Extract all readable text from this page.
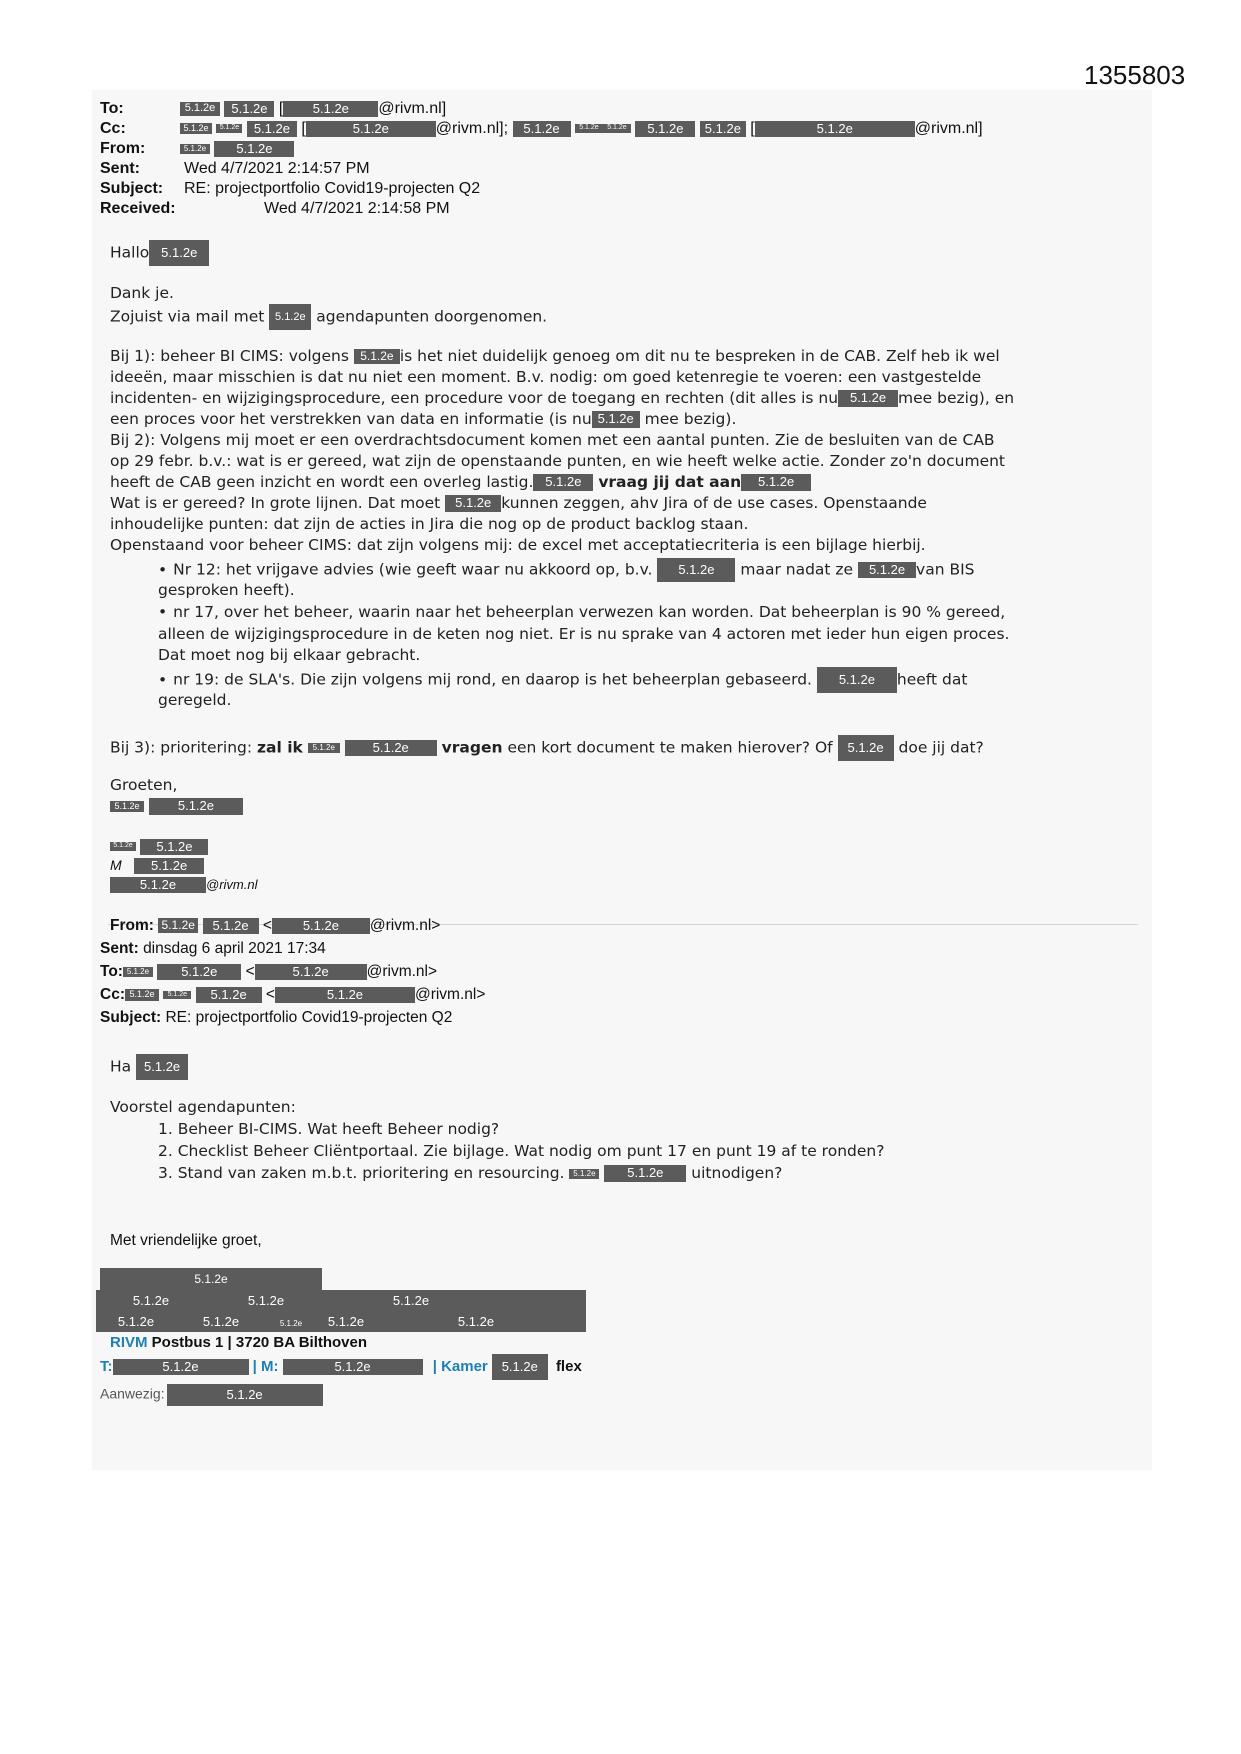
1355803
To:	5.1.2e 5.1.2e [ 5.1.2e @rivm.nl]
Cc:	5.1.2e 5.1.2e 5.1.2e [	5.1.2e	@rivm.nl]; 5.1.2e	5.1.2e 5.1.2e 5.1.2e 5.1.2e [	5.1.2e	@rivm.nl]
From:	5.1.2e 5.1.2e
Sent:	Wed 4/7/2021 2:14:57 PM
Subject: RE: projectportfolio Covid19-projecten Q2
Received:	Wed 4/7/2021 2:14:58 PM
Hallo 5.1.2e
Dank je.
Zojuist via mail met 5.1.2e agendapunten doorgenomen.
Bij 1): beheer BI CIMS: volgens 5.1.2e is het niet duidelijk genoeg om dit nu te bespreken in de CAB. Zelf heb ik wel
ideeën, maar misschien is dat nu niet een moment. B.v. nodig: om goed ketenregie te voeren: een vastgestelde
incidenten- en wijzigingsprocedure, een procedure voor de toegang en rechten (dit alles is nu 5.1.2e mee bezig), en
een proces voor het verstrekken van data en informatie (is nu 5.1.2e mee bezig).
Bij 2): Volgens mij moet er een overdrachtsdocument komen met een aantal punten. Zie de besluiten van de CAB
op 29 febr. b.v.: wat is er gereed, wat zijn de openstaande punten, en wie heeft welke actie. Zonder zo'n document
heeft de CAB geen inzicht en wordt een overleg lastig. 5.1.2e vraag jij dat aan 5.1.2e
Wat is er gereed? In grote lijnen. Dat moet 5.1.2e kunnen zeggen, ahv Jira of de use cases. Openstaande
inhoudelijke punten: dat zijn de acties in Jira die nog op de product backlog staan.
Openstaand voor beheer CIMS: dat zijn volgens mij: de excel met acceptatiecriteria is een bijlage hierbij.
• Nr 12: het vrijgave advies (wie geeft waar nu akkoord op, b.v. 5.1.2e maar nadat ze 5.1.2e van BIS
gesproken heeft).
• nr 17, over het beheer, waarin naar het beheerplan verwezen kan worden. Dat beheerplan is 90 % gereed,
alleen de wijzigingsprocedure in de keten nog niet. Er is nu sprake van 4 actoren met ieder hun eigen proces.
Dat moet nog bij elkaar gebracht.
• nr 19: de SLA's. Die zijn volgens mij rond, en daarop is het beheerplan gebaseerd. 5.1.2e heeft dat
geregeld.
Bij 3): prioritering: zal ik 5.1.2e	5.1.2e vragen een kort document te maken hierover? Of 5.1.2e doe jij dat?
Groeten,
5.1.2e	5.1.2e
5.1.2e 5.1.2e
M 5.1.2e
5.1.2e @rivm.nl
From: 5.1.2e 5.1.2e < 5.1.2e @rivm.nl>
Sent: dinsdag 6 april 2021 17:34
To: 5.1.2e 5.1.2e <	5.1.2e @rivm.nl>
Cc: 5.1.2e 5.1.2e 5.1.2e <	5.1.2e	@rivm.nl>
Subject: RE: projectportfolio Covid19-projecten Q2
Ha 5.1.2e
Voorstel agendapunten:
1. Beheer BI-CIMS. Wat heeft Beheer nodig?
2. Checklist Beheer Cliëntportaal. Zie bijlage. Wat nodig om punt 17 en punt 19 af te ronden?
3. Stand van zaken m.b.t. prioritering en resourcing. 5.1.2e 5.1.2e uitnodigen?
Met vriendelijke groet,
5.1.2e
5.1.2e	5.1.2e	5.1.2e
5.1.2e	5.1.2e	5.1.2e 5.1.2e	5.1.2e
RIVM Postbus 1 | 3720 BA Bilthoven
T:	5.1.2e	| M:	5.1.2e	| Kamer 5.1.2e flex
Aanwezig:	5.1.2e
